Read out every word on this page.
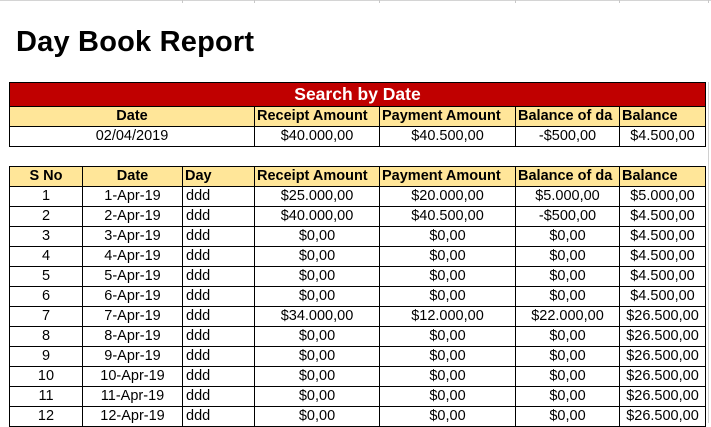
Day Book Report
Search by Date				
Date	Receipt Amount	Payment Amount	Balance of da	Balance
02/04/2019	$40.000,00	$40.500,00	-$500,00	$4.500,00
S No	Date	Day	Receipt Amount	Payment Amount	Balance of da	Balance
1	1-Apr-19	ddd	$25.000,00	$20.000,00	$5.000,00	$5.000,00
2	2-Apr-19	ddd	$40.000,00	$40.500,00	-$500,00	$4.500,00
3	3-Apr-19	ddd	$0,00	$0,00	$0,00	$4.500,00
4	4-Apr-19	ddd	$0,00	$0,00	$0,00	$4.500,00
5	5-Apr-19	ddd	$0,00	$0,00	$0,00	$4.500,00
6	6-Apr-19	ddd	$0,00	$0,00	$0,00	$4.500,00
7	7-Apr-19	ddd	$34.000,00	$12.000,00	$22.000,00	$26.500,00
8	8-Apr-19	ddd	$0,00	$0,00	$0,00	$26.500,00
9	9-Apr-19	ddd	$0,00	$0,00	$0,00	$26.500,00
10	10-Apr-19	ddd	$0,00	$0,00	$0,00	$26.500,00
11	11-Apr-19	ddd	$0,00	$0,00	$0,00	$26.500,00
12	12-Apr-19	ddd	$0,00	$0,00	$0,00	$26.500,00
